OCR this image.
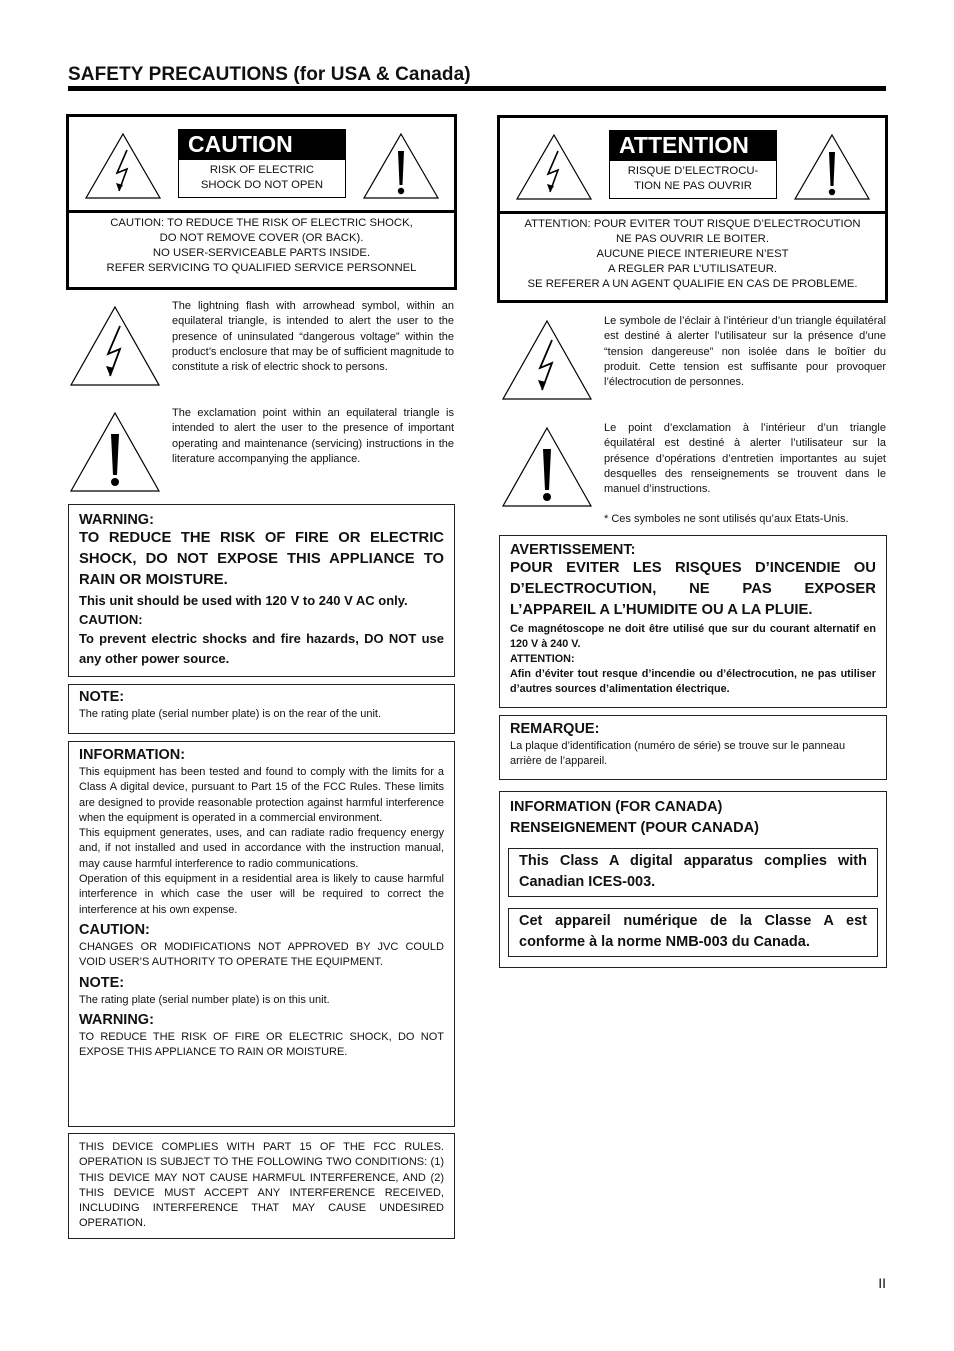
SAFETY PRECAUTIONS (for USA & Canada)
CAUTION
RISK OF ELECTRIC
SHOCK DO NOT OPEN
CAUTION: TO REDUCE THE RISK OF ELECTRIC SHOCK,
DO NOT REMOVE COVER (OR BACK).
NO USER-SERVICEABLE PARTS INSIDE.
REFER SERVICING TO QUALIFIED SERVICE PERSONNEL
The lightning flash with arrowhead symbol, within an equilateral triangle, is intended to alert the user to the presence of uninsulated “dangerous voltage” within the product’s enclosure that may be of sufficient magnitude to constitute a risk of electric shock to persons.
The exclamation point within an equilateral triangle is intended to alert the user to the presence of important operating and maintenance (servicing) instructions in the literature accompanying the appliance.
WARNING:
TO REDUCE THE RISK OF FIRE OR ELECTRIC SHOCK, DO NOT EXPOSE THIS APPLIANCE TO RAIN OR MOISTURE.
This unit should be used with 120 V to 240 V AC only.
CAUTION:
To prevent electric shocks and fire hazards, DO NOT use any other power source.
NOTE:
The rating plate (serial number plate) is on the rear of the unit.
INFORMATION:
This equipment has been tested and found to comply with the limits for a Class A digital device, pursuant to Part 15 of the FCC Rules. These limits are designed to provide reasonable protection against harmful interference when the equipment is operated in a commercial environment.
This equipment generates, uses, and can radiate radio frequency energy and, if not installed and used in accordance with the instruction manual, may cause harmful interference to radio communications.
Operation of this equipment in a residential area is likely to cause harmful interference in which case the user will be required to correct the interference at his own expense.
CAUTION:
CHANGES OR MODIFICATIONS NOT APPROVED BY JVC COULD VOID USER’S AUTHORITY TO OPERATE THE EQUIPMENT.
NOTE:
The rating plate (serial number plate) is on this unit.
WARNING:
TO REDUCE THE RISK OF FIRE OR ELECTRIC SHOCK, DO NOT EXPOSE THIS APPLIANCE TO RAIN OR MOISTURE.
THIS DEVICE COMPLIES WITH PART 15 OF THE FCC RULES. OPERATION IS SUBJECT TO THE FOLLOWING TWO CONDITIONS: (1) THIS DEVICE MAY NOT CAUSE HARMFUL INTERFERENCE, AND (2) THIS DEVICE MUST ACCEPT ANY INTERFERENCE RECEIVED, INCLUDING INTERFERENCE THAT MAY CAUSE UNDESIRED OPERATION.
ATTENTION
RISQUE D’ELECTROCU-
TION NE PAS OUVRIR
ATTENTION: POUR EVITER TOUT RISQUE D’ELECTROCUTION
NE PAS OUVRIR LE BOITER.
AUCUNE PIECE INTERIEURE N’EST
A REGLER PAR L’UTILISATEUR.
SE REFERER A UN AGENT QUALIFIE EN CAS DE PROBLEME.
Le symbole de l’éclair à l’intérieur d’un triangle équilatéral est destiné à alerter l’utilisateur sur la présence d’une “tension dangereuse” non isolée dans le boîtier du produit. Cette tension est suffisante pour provoquer l’électrocution de personnes.
Le point d’exclamation à l’intérieur d’un triangle équilatéral est destiné à alerter l’utilisateur sur la présence d’opérations d’entretien importantes au sujet desquelles des renseignements se trouvent dans le manuel d’instructions.
* Ces symboles ne sont utilisés qu’aux Etats-Unis.
AVERTISSEMENT:
POUR EVITER LES RISQUES D’INCENDIE OU D’ELECTROCUTION, NE PAS EXPOSER L’APPAREIL A L’HUMIDITE OU A LA PLUIE.
Ce magnétoscope ne doit être utilisé que sur du courant alternatif en 120 V à 240 V.
ATTENTION:
Afin d’éviter tout resque d’incendie ou d’électrocution, ne pas utiliser d’autres sources d’alimentation électrique.
REMARQUE:
La plaque d’identification (numéro de série) se trouve sur le panneau arrière de l’appareil.
INFORMATION (FOR CANADA)
RENSEIGNEMENT (POUR CANADA)
This Class A digital apparatus complies with Canadian ICES-003.
Cet appareil numérique de la Classe A est conforme à la norme NMB-003 du Canada.
II
